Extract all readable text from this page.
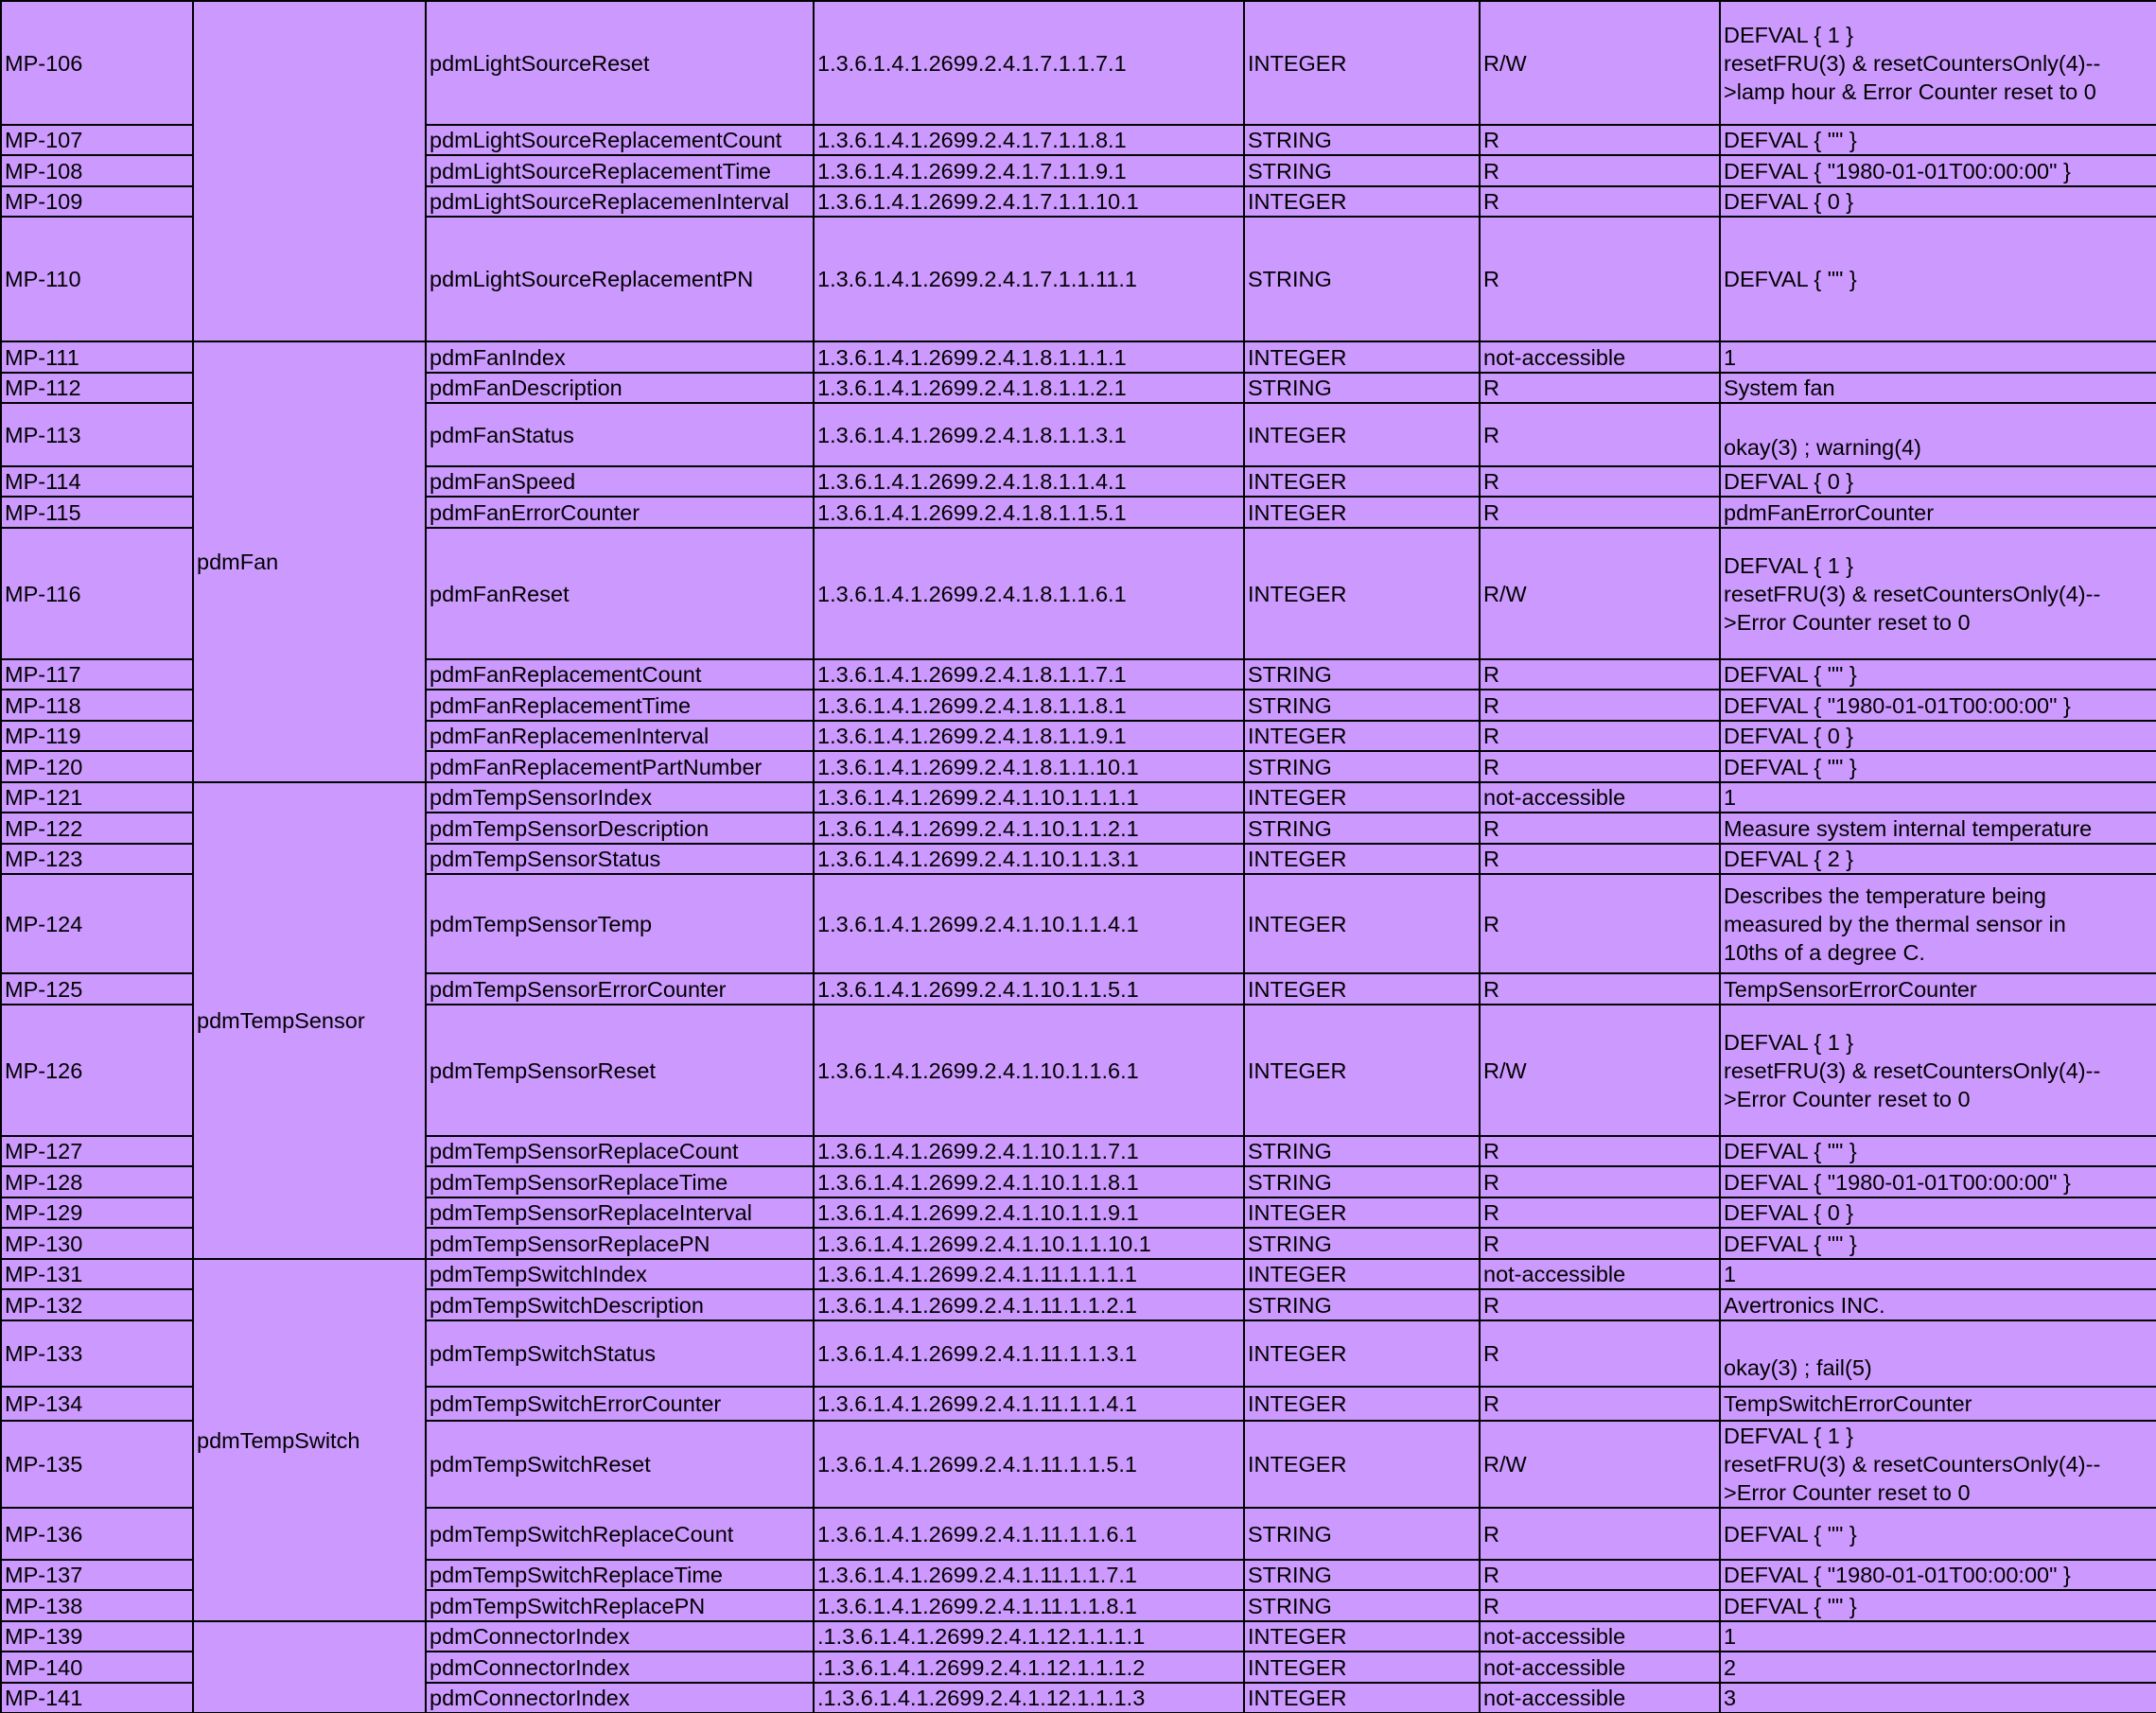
MP-106		pdmLightSourceReset	1.3.6.1.4.1.2699.2.4.1.7.1.1.7.1	INTEGER	R/W	DEFVAL { 1 }
resetFRU(3) & resetCountersOnly(4)--
>lamp hour & Error Counter reset to 0

MP-107		pdmLightSourceReplacementCount	1.3.6.1.4.1.2699.2.4.1.7.1.1.8.1	STRING	R	DEFVAL { "" }

MP-108		pdmLightSourceReplacementTime	1.3.6.1.4.1.2699.2.4.1.7.1.1.9.1	STRING	R	DEFVAL { "1980-01-01T00:00:00" }

MP-109		pdmLightSourceReplacemenInterval	1.3.6.1.4.1.2699.2.4.1.7.1.1.10.1	INTEGER	R	DEFVAL { 0 }

MP-110		pdmLightSourceReplacementPN	1.3.6.1.4.1.2699.2.4.1.7.1.1.11.1	STRING	R	DEFVAL { "" }

MP-111	pdmFan	pdmFanIndex	1.3.6.1.4.1.2699.2.4.1.8.1.1.1.1	INTEGER	not-accessible	1

MP-112		pdmFanDescription	1.3.6.1.4.1.2699.2.4.1.8.1.1.2.1	STRING	R	System fan

MP-113		pdmFanStatus	1.3.6.1.4.1.2699.2.4.1.8.1.1.3.1	INTEGER	R	okay(3) ; warning(4)

MP-114		pdmFanSpeed	1.3.6.1.4.1.2699.2.4.1.8.1.1.4.1	INTEGER	R	DEFVAL { 0 }

MP-115		pdmFanErrorCounter	1.3.6.1.4.1.2699.2.4.1.8.1.1.5.1	INTEGER	R	pdmFanErrorCounter

MP-116		pdmFanReset	1.3.6.1.4.1.2699.2.4.1.8.1.1.6.1	INTEGER	R/W	DEFVAL { 1 }
resetFRU(3) & resetCountersOnly(4)--
>Error Counter reset to 0

MP-117		pdmFanReplacementCount	1.3.6.1.4.1.2699.2.4.1.8.1.1.7.1	STRING	R	DEFVAL { "" }

MP-118		pdmFanReplacementTime	1.3.6.1.4.1.2699.2.4.1.8.1.1.8.1	STRING	R	DEFVAL { "1980-01-01T00:00:00" }

MP-119		pdmFanReplacemenInterval	1.3.6.1.4.1.2699.2.4.1.8.1.1.9.1	INTEGER	R	DEFVAL { 0 }

MP-120		pdmFanReplacementPartNumber	1.3.6.1.4.1.2699.2.4.1.8.1.1.10.1	STRING	R	DEFVAL { "" }

MP-121	pdmTempSensor	pdmTempSensorIndex	1.3.6.1.4.1.2699.2.4.1.10.1.1.1.1	INTEGER	not-accessible	1

MP-122		pdmTempSensorDescription	1.3.6.1.4.1.2699.2.4.1.10.1.1.2.1	STRING	R	Measure system internal temperature

MP-123		pdmTempSensorStatus	1.3.6.1.4.1.2699.2.4.1.10.1.1.3.1	INTEGER	R	DEFVAL { 2 }

MP-124		pdmTempSensorTemp	1.3.6.1.4.1.2699.2.4.1.10.1.1.4.1	INTEGER	R	Describes the temperature being
measured by the thermal sensor in
10ths of a degree C.

MP-125		pdmTempSensorErrorCounter	1.3.6.1.4.1.2699.2.4.1.10.1.1.5.1	INTEGER	R	TempSensorErrorCounter

MP-126		pdmTempSensorReset	1.3.6.1.4.1.2699.2.4.1.10.1.1.6.1	INTEGER	R/W	DEFVAL { 1 }
resetFRU(3) & resetCountersOnly(4)--
>Error Counter reset to 0

MP-127		pdmTempSensorReplaceCount	1.3.6.1.4.1.2699.2.4.1.10.1.1.7.1	STRING	R	DEFVAL { "" }

MP-128		pdmTempSensorReplaceTime	1.3.6.1.4.1.2699.2.4.1.10.1.1.8.1	STRING	R	DEFVAL { "1980-01-01T00:00:00" }

MP-129		pdmTempSensorReplaceInterval	1.3.6.1.4.1.2699.2.4.1.10.1.1.9.1	INTEGER	R	DEFVAL { 0 }

MP-130		pdmTempSensorReplacePN	1.3.6.1.4.1.2699.2.4.1.10.1.1.10.1	STRING	R	DEFVAL { "" }

MP-131	pdmTempSwitch	pdmTempSwitchIndex	1.3.6.1.4.1.2699.2.4.1.11.1.1.1.1	INTEGER	not-accessible	1

MP-132		pdmTempSwitchDescription	1.3.6.1.4.1.2699.2.4.1.11.1.1.2.1	STRING	R	Avertronics INC.

MP-133		pdmTempSwitchStatus	1.3.6.1.4.1.2699.2.4.1.11.1.1.3.1	INTEGER	R	okay(3) ; fail(5)

MP-134		pdmTempSwitchErrorCounter	1.3.6.1.4.1.2699.2.4.1.11.1.1.4.1	INTEGER	R	TempSwitchErrorCounter

MP-135		pdmTempSwitchReset	1.3.6.1.4.1.2699.2.4.1.11.1.1.5.1	INTEGER	R/W	DEFVAL { 1 }
resetFRU(3) & resetCountersOnly(4)--
>Error Counter reset to 0

MP-136		pdmTempSwitchReplaceCount	1.3.6.1.4.1.2699.2.4.1.11.1.1.6.1	STRING	R	DEFVAL { "" }

MP-137		pdmTempSwitchReplaceTime	1.3.6.1.4.1.2699.2.4.1.11.1.1.7.1	STRING	R	DEFVAL { "1980-01-01T00:00:00" }

MP-138		pdmTempSwitchReplacePN	1.3.6.1.4.1.2699.2.4.1.11.1.1.8.1	STRING	R	DEFVAL { "" }

MP-139		pdmConnectorIndex	.1.3.6.1.4.1.2699.2.4.1.12.1.1.1.1	INTEGER	not-accessible	1

MP-140		pdmConnectorIndex	.1.3.6.1.4.1.2699.2.4.1.12.1.1.1.2	INTEGER	not-accessible	2

MP-141		pdmConnectorIndex	.1.3.6.1.4.1.2699.2.4.1.12.1.1.1.3	INTEGER	not-accessible	3
